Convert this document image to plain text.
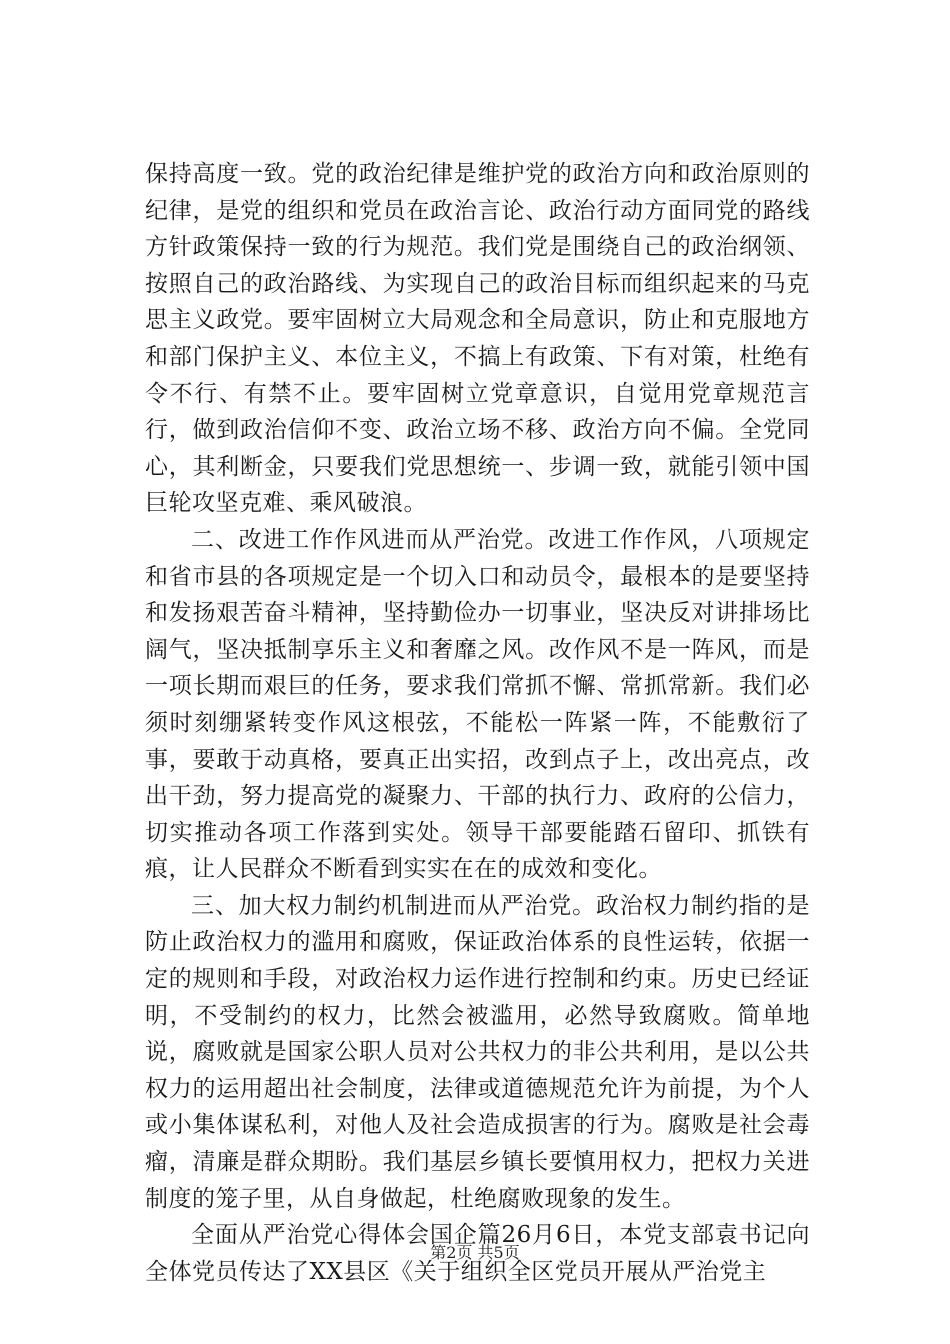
保持高度一致。党的政治纪律是维护党的政治方向和政治原则的纪律，是党的组织和党员在政治言论、政治行动方面同党的路线方针政策保持一致的行为规范。我们党是围绕自己的政治纲领、按照自己的政治路线、为实现自己的政治目标而组织起来的马克思主义政党。要牢固树立大局观念和全局意识，防止和克服地方和部门保护主义、本位主义，不搞上有政策、下有对策，杜绝有令不行、有禁不止。要牢固树立党章意识，自觉用党章规范言行，做到政治信仰不变、政治立场不移、政治方向不偏。全党同心，其利断金，只要我们党思想统一、步调一致，就能引领中国巨轮攻坚克难、乘风破浪。

二、改进工作作风进而从严治党。改进工作作风，八项规定和省市县的各项规定是一个切入口和动员令，最根本的是要坚持和发扬艰苦奋斗精神，坚持勤俭办一切事业，坚决反对讲排场比阔气，坚决抵制享乐主义和奢靡之风。改作风不是一阵风，而是一项长期而艰巨的任务，要求我们常抓不懈、常抓常新。我们必须时刻绷紧转变作风这根弦，不能松一阵紧一阵，不能敷衍了事，要敢于动真格，要真正出实招，改到点子上，改出亮点，改出干劲，努力提高党的凝聚力、干部的执行力、政府的公信力，切实推动各项工作落到实处。领导干部要能踏石留印、抓铁有痕，让人民群众不断看到实实在在的成效和变化。

三、加大权力制约机制进而从严治党。政治权力制约指的是防止政治权力的滥用和腐败，保证政治体系的良性运转，依据一定的规则和手段，对政治权力运作进行控制和约束。历史已经证明，不受制约的权力，比然会被滥用，必然导致腐败。简单地说，腐败就是国家公职人员对公共权力的非公共利用，是以公共权力的运用超出社会制度，法律或道德规范允许为前提，为个人或小集体谋私利，对他人及社会造成损害的行为。腐败是社会毒瘤，清廉是群众期盼。我们基层乡镇长要慎用权力，把权力关进制度的笼子里，从自身做起，杜绝腐败现象的发生。

全面从严治党心得体会国企篇26月6日，本党支部袁书记向全体党员传达了XX县区《关于组织全区党员开展从严治党主

第2页 共5页
